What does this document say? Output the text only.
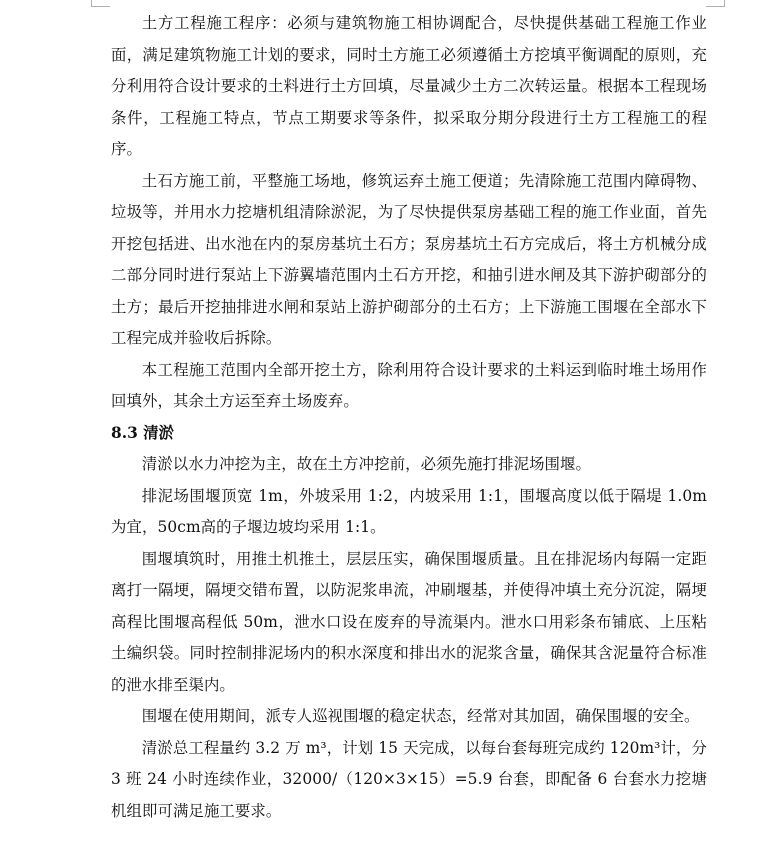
土方工程施工程序：必须与建筑物施工相协调配合，尽快提供基础工程施工作业面，满足建筑物施工计划的要求，同时土方施工必须遵循土方挖填平衡调配的原则，充分利用符合设计要求的土料进行土方回填，尽量减少土方二次转运量。根据本工程现场条件，工程施工特点，节点工期要求等条件，拟采取分期分段进行土方工程施工的程序。

土石方施工前，平整施工场地，修筑运弃土施工便道；先清除施工范围内障碍物、垃圾等，并用水力挖塘机组清除淤泥，为了尽快提供泵房基础工程的施工作业面，首先开挖包括进、出水池在内的泵房基坑土石方；泵房基坑土石方完成后，将土方机械分成二部分同时进行泵站上下游翼墙范围内土石方开挖，和抽引进水闸及其下游护砌部分的土方；最后开挖抽排进水闸和泵站上游护砌部分的土石方；上下游施工围堰在全部水下工程完成并验收后拆除。

本工程施工范围内全部开挖土方，除利用符合设计要求的土料运到临时堆土场用作回填外，其余土方运至弃土场废弃。

8.3 清淤

清淤以水力冲挖为主，故在土方冲挖前，必须先施打排泥场围堰。

排泥场围堰顶宽 1m，外坡采用 1:2，内坡采用 1:1，围堰高度以低于隔堤 1.0m 为宜，50cm高的子堰边坡均采用 1:1。

围堰填筑时，用推土机推土，层层压实，确保围堰质量。且在排泥场内每隔一定距离打一隔埂，隔埂交错布置，以防泥浆串流，冲刷堰基，并使得冲填土充分沉淀，隔埂高程比围堰高程低 50m，泄水口设在废弃的导流渠内。泄水口用彩条布铺底、上压粘土编织袋。同时控制排泥场内的积水深度和排出水的泥浆含量，确保其含泥量符合标准的泄水排至渠内。

围堰在使用期间，派专人巡视围堰的稳定状态，经常对其加固，确保围堰的安全。

清淤总工程量约 3.2 万 m³，计划 15 天完成，以每台套每班完成约 120m³计，分 3 班 24 小时连续作业，32000/（120×3×15）=5.9 台套，即配备 6 台套水力挖塘机组即可满足施工要求。
